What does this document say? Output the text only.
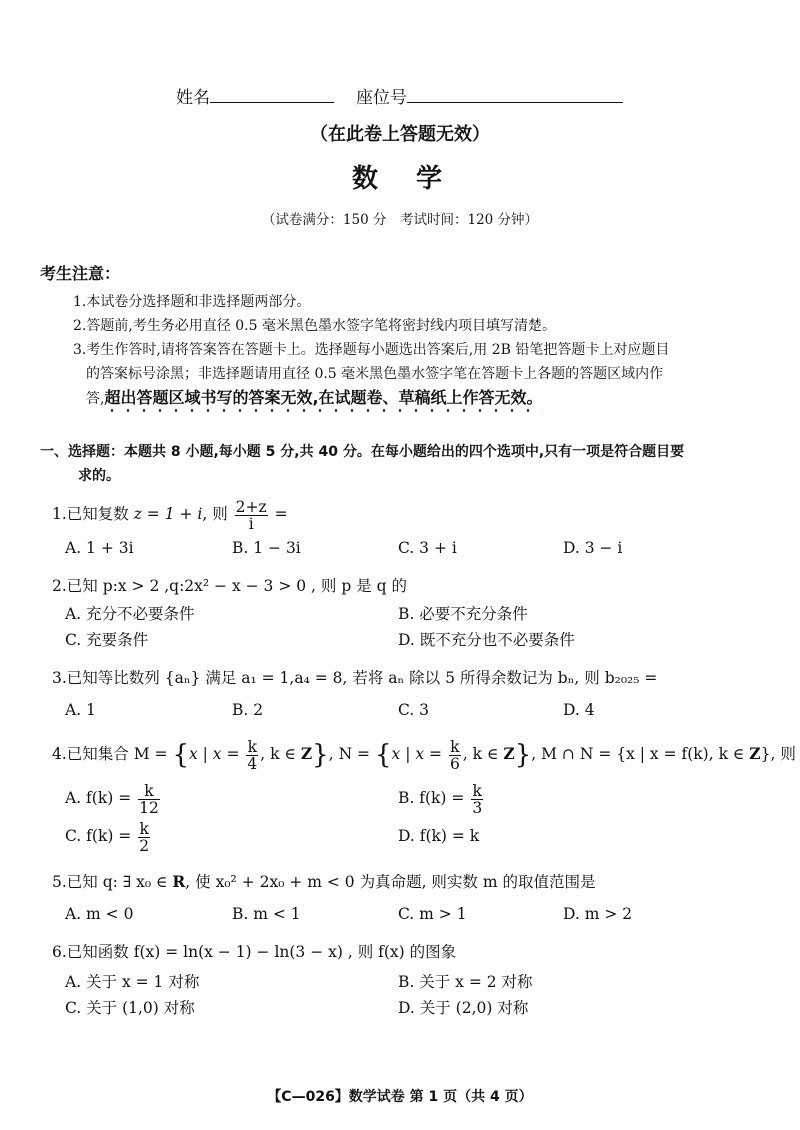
姓名	座位号
（在此卷上答题无效）
数　学
（试卷满分：150 分　考试时间：120 分钟）
考生注意：
1.本试卷分选择题和非选择题两部分。
2.答题前,考生务必用直径 0.5 毫米黑色墨水签字笔将密封线内项目填写清楚。
3.考生作答时,请将答案答在答题卡上。选择题每小题选出答案后,用 2B 铅笔把答题卡上对应题目
的答案标号涂黑；非选择题请用直径 0.5 毫米黑色墨水签字笔在答题卡上各题的答题区域内作
答,超出答题区域书写的答案无效,在试题卷、草稿纸上作答无效。
一、选择题：本题共 8 小题,每小题 5 分,共 40 分。在每小题给出的四个选项中,只有一项是符合题目要
求的。
1.已知复数 z = 1 + i, 则 $\frac{2+z}{i}$ =
A. 1 + 3i	B. 1 − 3i	C. 3 + i	D. 3 − i
2.已知 p:x > 2 ,q:2x² − x − 3 > 0 , 则 p 是 q 的
A. 充分不必要条件	B. 必要不充分条件
C. 充要条件	D. 既不充分也不必要条件
3.已知等比数列 {aₙ} 满足 a₁ = 1,a₄ = 8, 若将 aₙ 除以 5 所得余数记为 bₙ, 则 b₂₀₂₅ =
A. 1	B. 2	C. 3	D. 4
4.已知集合 M = {x | $x = \frac{k}{4}$ , k ∈ Z}, N = {x | $x = \frac{k}{6}$ , k ∈ Z}, M ∩ N = {x | x = f(k), k ∈ Z}, 则
A. $f(k) = \frac{k}{12}$	B. $f(k) = \frac{k}{3}$
C. $f(k) = \frac{k}{2}$	D. f(k) = k
5.已知 q: ∃ x₀ ∈ R, 使 x₀² + 2x₀ + m < 0 为真命题, 则实数 m 的取值范围是
A. m < 0	B. m < 1	C. m > 1	D. m > 2
6.已知函数 f(x) = ln(x − 1) − ln(3 − x) , 则 f(x) 的图象
A. 关于 x = 1 对称	B. 关于 x = 2 对称
C. 关于 (1,0) 对称	D. 关于 (2,0) 对称
【C—026】数学试卷 第 1 页（共 4 页）
